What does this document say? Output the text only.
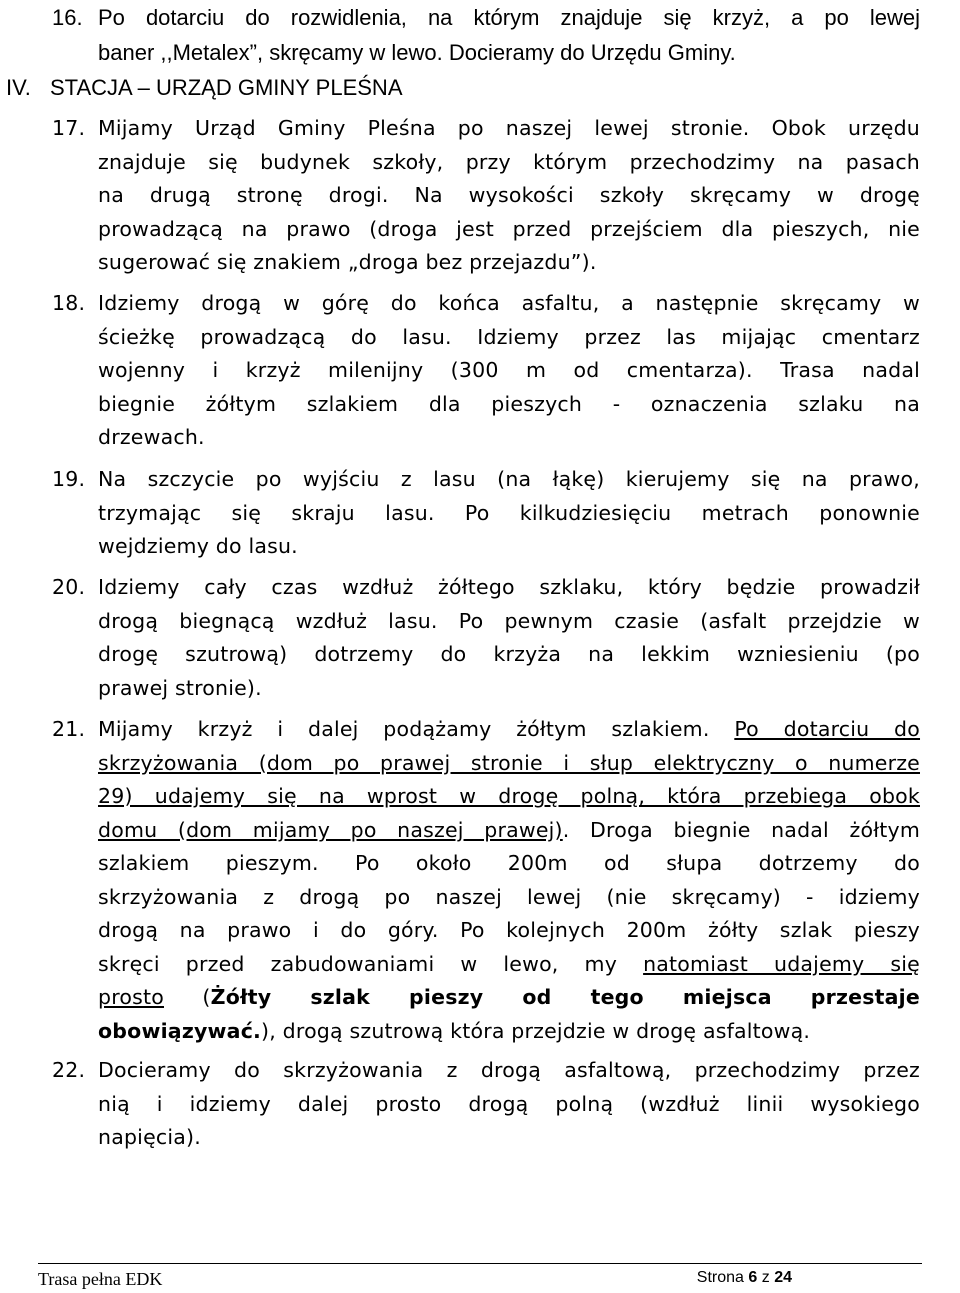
16. Po dotarciu do rozwidlenia, na którym znajduje się krzyż, a po lewej
baner ,,Metalex”, skręcamy w lewo. Docieramy do Urzędu Gminy.
IV. STACJA – URZĄD GMINY PLEŚNA
17. Mijamy Urząd Gminy Pleśna po naszej lewej stronie. Obok urzędu
znajduje się budynek szkoły, przy którym przechodzimy na pasach
na drugą stronę drogi. Na wysokości szkoły skręcamy w drogę
prowadzącą na prawo (droga jest przed przejściem dla pieszych, nie
sugerować się znakiem „droga bez przejazdu”).
18. Idziemy drogą w górę do końca asfaltu, a następnie skręcamy w
ścieżkę prowadzącą do lasu. Idziemy przez las mijając cmentarz
wojenny i krzyż milenijny (300 m od cmentarza). Trasa nadal
biegnie żółtym szlakiem dla pieszych - oznaczenia szlaku na
drzewach.
19. Na szczycie po wyjściu z lasu (na łąkę) kierujemy się na prawo,
trzymając się skraju lasu. Po kilkudziesięciu metrach ponownie
wejdziemy do lasu.
20. Idziemy cały czas wzdłuż żółtego szklaku, który będzie prowadził
drogą biegnącą wzdłuż lasu. Po pewnym czasie (asfalt przejdzie w
drogę szutrową) dotrzemy do krzyża na lekkim wzniesieniu (po
prawej stronie).
21. Mijamy krzyż i dalej podążamy żółtym szlakiem. Po dotarciu do
skrzyżowania (dom po prawej stronie i słup elektryczny o numerze
29) udajemy się na wprost w drogę polną, która przebiega obok
domu (dom mijamy po naszej prawej). Droga biegnie nadal żółtym
szlakiem pieszym. Po około 200m od słupa dotrzemy do
skrzyżowania z drogą po naszej lewej (nie skręcamy) - idziemy
drogą na prawo i do góry. Po kolejnych 200m żółty szlak pieszy
skręci przed zabudowaniami w lewo, my natomiast udajemy się
prosto (Żółty szlak pieszy od tego miejsca przestaje
obowiązywać.), drogą szutrową która przejdzie w drogę asfaltową.
22. Docieramy do skrzyżowania z drogą asfaltową, przechodzimy przez
nią i idziemy dalej prosto drogą polną (wzdłuż linii wysokiego
napięcia).
Trasa pełna EDK	Strona 6 z 24
